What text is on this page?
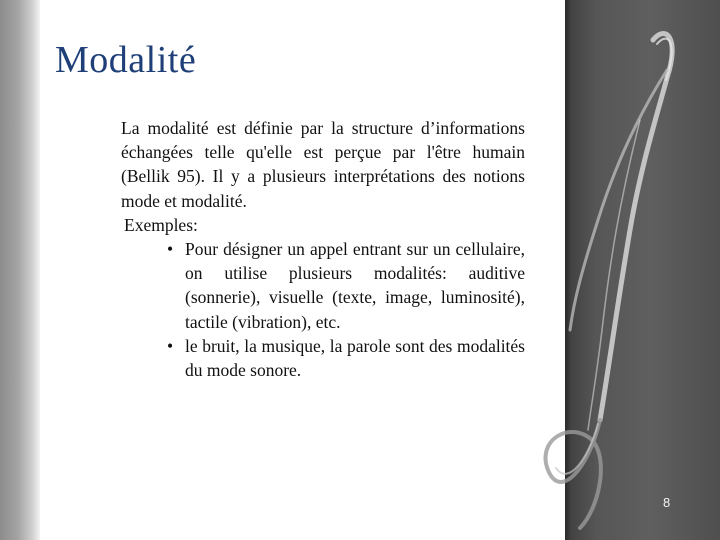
Modalité

La modalité est définie par la structure d’informations échangées telle qu'elle est perçue par l'être humain (Bellik 95). Il y a plusieurs interprétations des notions mode et modalité.

Exemples:

• Pour désigner un appel entrant sur un cellulaire, on utilise plusieurs modalités: auditive (sonnerie), visuelle (texte, image, luminosité), tactile (vibration), etc.
• le bruit, la musique, la parole sont des modalités du mode sonore.
8
